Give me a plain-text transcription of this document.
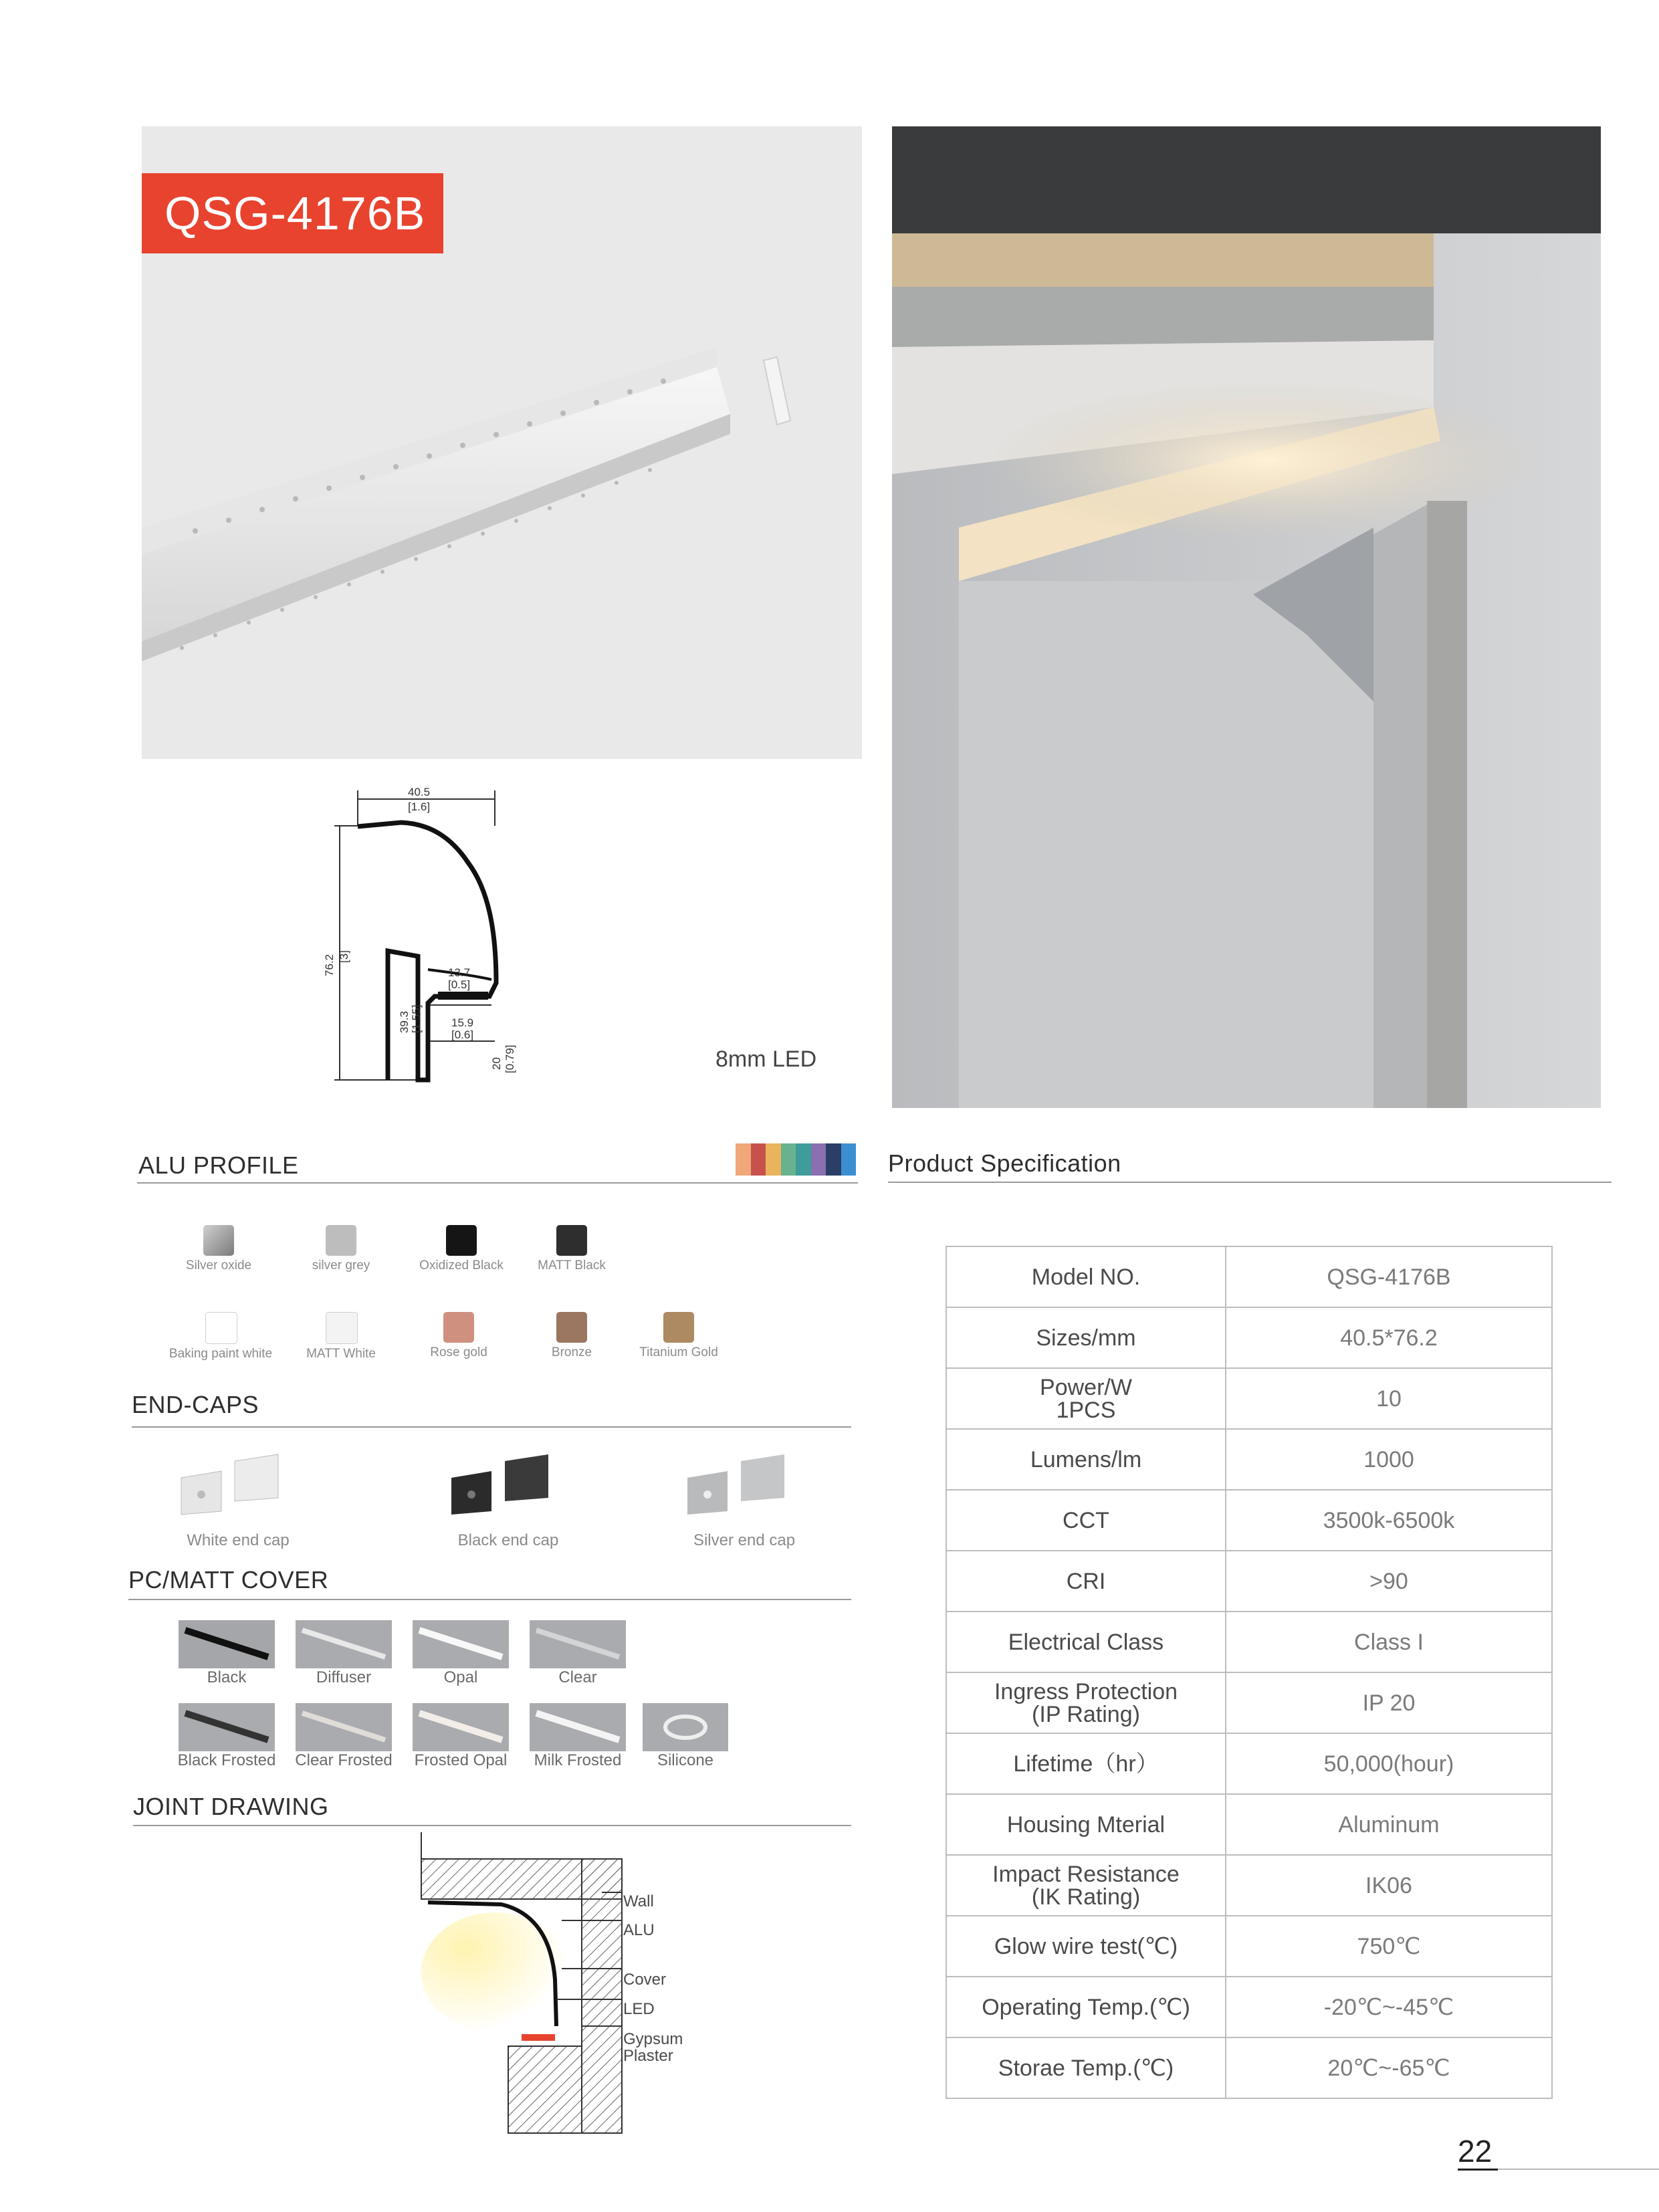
QSG-4176B
40.5
[1.6]
76.2 [3]
13.7
[0.5]
39.3 [1.55]	15.9
[0.6]
20 [0.79]	8mm LED
ALU PROFILE
Silver oxide	silver grey	Oxidized Black	MATT Black
Baking paint white	MATT White	Rose gold	Bronze	Titanium Gold
END-CAPS
White end cap	Black end cap	Silver end cap
PC/MATT COVER
Black	Diffuser	Opal	Clear
Black Frosted	Clear Frosted	Frosted Opal	Milk Frosted	Silicone
JOINT DRAWING
Wall
ALU
Cover
LED
Gypsum
Plaster
Product Specification
Model NO.	QSG-4176B

Sizes/mm	40.5*76.2

Power/W
1PCS	10

Lumens/lm	1000

CCT	3500k-6500k

CRI	>90

Electrical Class	Class I

Ingress Protection
(IP Rating)	IP 20

Lifetime（hr）	50,000(hour)

Housing Mterial	Aluminum

Impact Resistance
(IK Rating)	IK06

Glow wire test(℃)	750℃

Operating Temp.(℃)	-20℃~-45℃

Storae Temp.(℃)	20℃~-65℃
22
